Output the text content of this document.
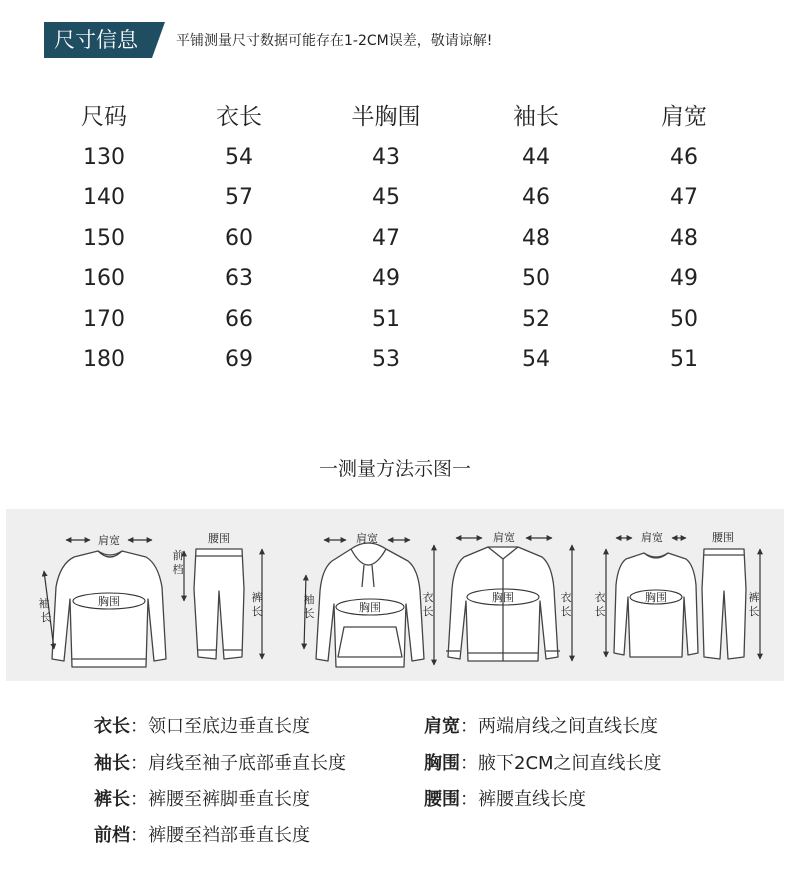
尺寸信息	平铺测量尺寸数据可能存在1-2CM误差，敬请谅解!
尺码	衣长	半胸围	袖长	肩宽
130	54	43	44	46
140	57	45	46	47
150	60	47	48	48
160	63	49	50	49
170	66	51	52	50
180	69	53	54	51
一测量方法示图一
肩宽
胸围
袖
长
腰围
前
档
裤
长
肩宽
胸围
袖
长
衣
长
肩宽
胸围	衣
长
衣
长
肩宽
胸围
腰围
裤
长
衣长：领口至底边垂直长度	肩宽：两端肩线之间直线长度
袖长：肩线至袖子底部垂直长度	胸围：腋下2CM之间直线长度
裤长：裤腰至裤脚垂直长度	腰围：裤腰直线长度
前档：裤腰至裆部垂直长度
